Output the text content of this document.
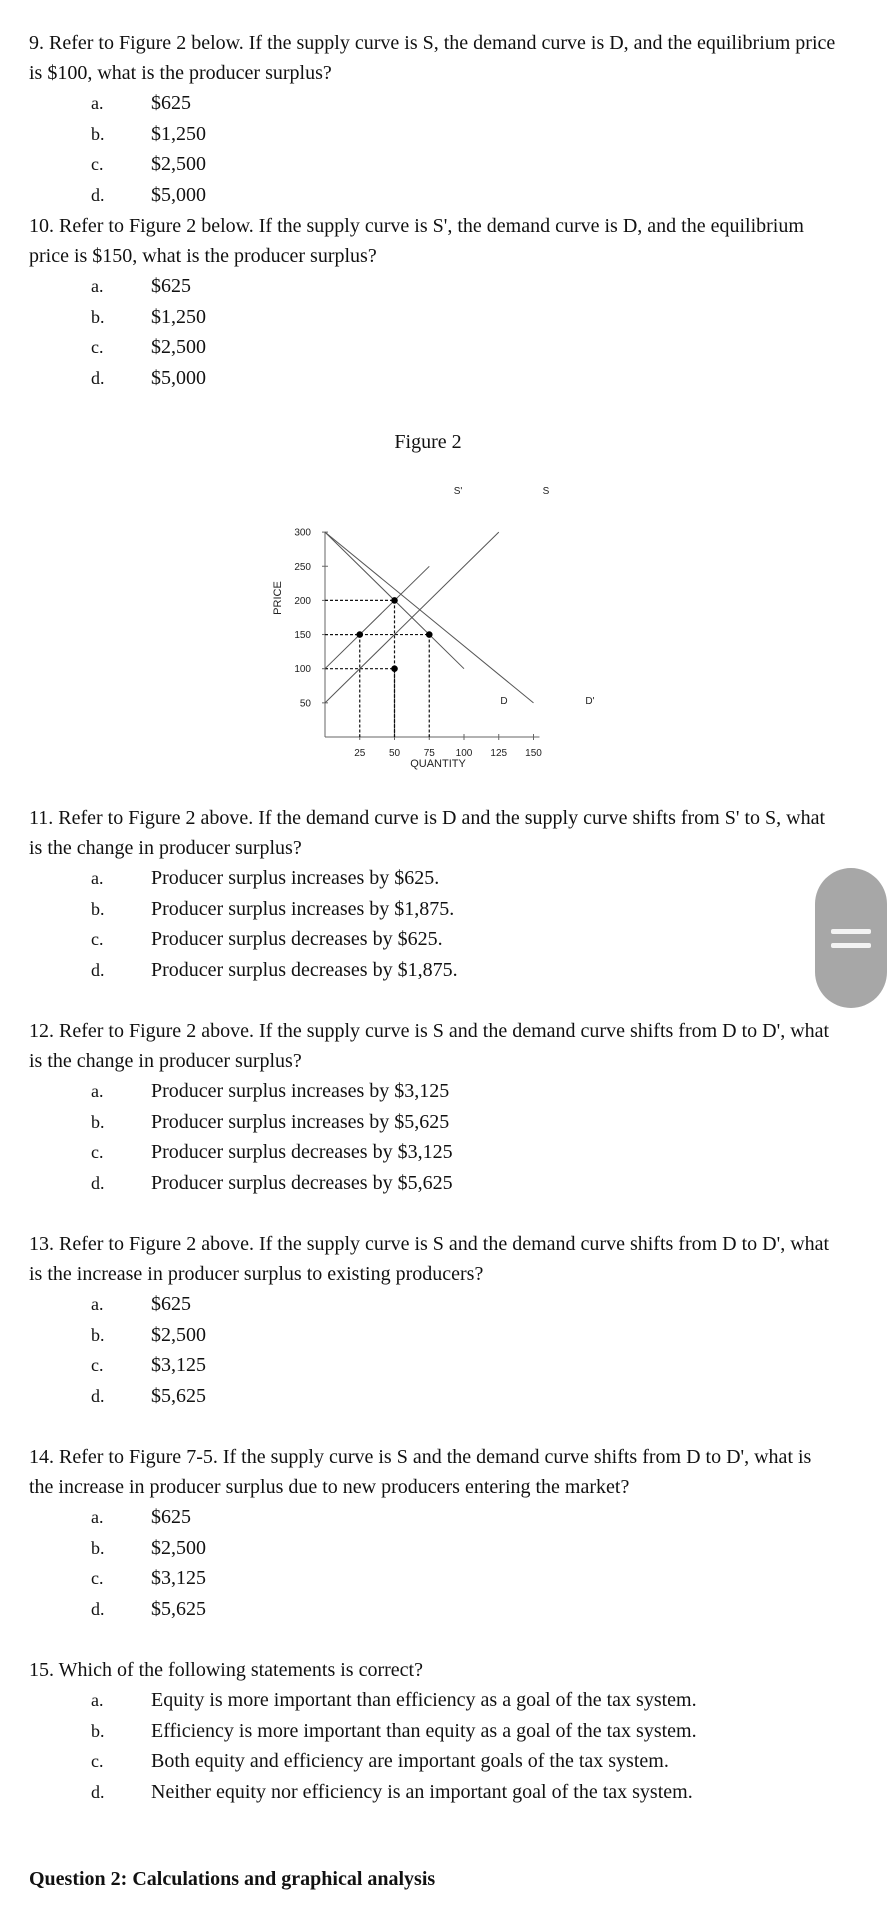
9. Refer to Figure 2 below. If the supply curve is S, the demand curve is D, and the equilibrium price is $100, what is the producer surplus?

a. $625
b. $1,250
c. $2,500
d. $5,000

10. Refer to Figure 2 below. If the supply curve is S', the demand curve is D, and the equilibrium price is $150, what is the producer surplus?

a. $625
b. $1,250
c. $2,500
d. $5,000
Figure 2
50
100
150
200
250
300
25 50 75 100 125 150
QUANTITY
PRICE
S'	S
D	D'

11. Refer to Figure 2 above. If the demand curve is D and the supply curve shifts from S' to S, what is the change in producer surplus?

a. Producer surplus increases by $625.
b. Producer surplus increases by $1,875.
c. Producer surplus decreases by $625.
d. Producer surplus decreases by $1,875.

12. Refer to Figure 2 above. If the supply curve is S and the demand curve shifts from D to D', what is the change in producer surplus?

a. Producer surplus increases by $3,125
b. Producer surplus increases by $5,625
c. Producer surplus decreases by $3,125
d. Producer surplus decreases by $5,625

13. Refer to Figure 2 above. If the supply curve is S and the demand curve shifts from D to D', what is the increase in producer surplus to existing producers?

a. $625
b. $2,500
c. $3,125
d. $5,625

14. Refer to Figure 7-5. If the supply curve is S and the demand curve shifts from D to D', what is the increase in producer surplus due to new producers entering the market?

a. $625
b. $2,500
c. $3,125
d. $5,625

15. Which of the following statements is correct?

a. Equity is more important than efficiency as a goal of the tax system.
b. Efficiency is more important than equity as a goal of the tax system.
c. Both equity and efficiency are important goals of the tax system.
d. Neither equity nor efficiency is an important goal of the tax system.

Question 2: Calculations and graphical analysis
